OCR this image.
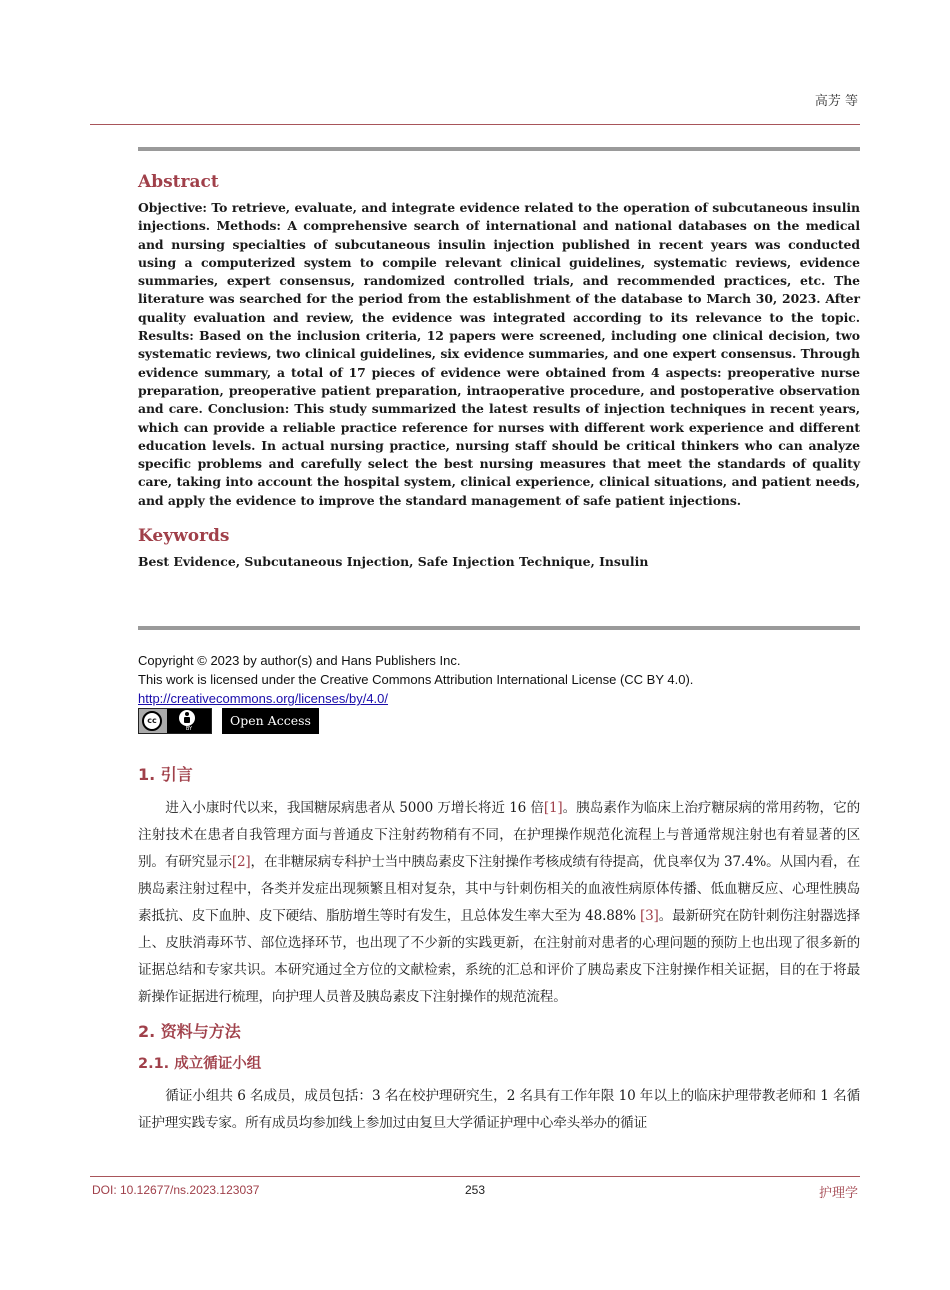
高芳 等
Abstract

Objective: To retrieve, evaluate, and integrate evidence related to the operation of subcutaneous insulin injections. Methods: A comprehensive search of international and national databases on the medical and nursing specialties of subcutaneous insulin injection published in recent years was conducted using a computerized system to compile relevant clinical guidelines, systematic reviews, evidence summaries, expert consensus, randomized controlled trials, and recommended practices, etc. The literature was searched for the period from the establishment of the database to March 30, 2023. After quality evaluation and review, the evidence was integrated according to its relevance to the topic. Results: Based on the inclusion criteria, 12 papers were screened, including one clinical decision, two systematic reviews, two clinical guidelines, six evidence summaries, and one expert consensus. Through evidence summary, a total of 17 pieces of evidence were obtained from 4 aspects: preoperative nurse preparation, preoperative patient preparation, intraoperative procedure, and postoperative observation and care. Conclusion: This study summarized the latest results of injection techniques in recent years, which can provide a reliable practice reference for nurses with different work experience and different education levels. In actual nursing practice, nursing staff should be critical thinkers who can analyze specific problems and carefully select the best nursing measures that meet the standards of quality care, taking into account the hospital system, clinical experience, clinical situations, and patient needs, and apply the evidence to improve the standard management of safe patient injections.

Keywords

Best Evidence, Subcutaneous Injection, Safe Injection Technique, Insulin

Copyright © 2023 by author(s) and Hans Publishers Inc.
This work is licensed under the Creative Commons Attribution International License (CC BY 4.0).
http://creativecommons.org/licenses/by/4.0/
cc
BY
Open Access
1. 引言

进入小康时代以来，我国糖尿病患者从 5000 万增长将近 16 倍[1]。胰岛素作为临床上治疗糖尿病的常用药物，它的注射技术在患者自我管理方面与普通皮下注射药物稍有不同，在护理操作规范化流程上与普通常规注射也有着显著的区别。有研究显示[2]，在非糖尿病专科护士当中胰岛素皮下注射操作考核成绩有待提高，优良率仅为 37.4%。从国内看，在胰岛素注射过程中，各类并发症出现频繁且相对复杂，其中与针刺伤相关的血液性病原体传播、低血糖反应、心理性胰岛素抵抗、皮下血肿、皮下硬结、脂肪增生等时有发生，且总体发生率大至为 48.88% [3]。最新研究在防针刺伤注射器选择上、皮肤消毒环节、部位选择环节，也出现了不少新的实践更新，在注射前对患者的心理问题的预防上也出现了很多新的证据总结和专家共识。本研究通过全方位的文献检索，系统的汇总和评价了胰岛素皮下注射操作相关证据，目的在于将最新操作证据进行梳理，向护理人员普及胰岛素皮下注射操作的规范流程。

2. 资料与方法
2.1. 成立循证小组

循证小组共 6 名成员，成员包括：3 名在校护理研究生，2 名具有工作年限 10 年以上的临床护理带教老师和 1 名循证护理实践专家。所有成员均参加线上参加过由复旦大学循证护理中心牵头举办的循证

DOI: 10.12677/ns.2023.123037	253	护理学
